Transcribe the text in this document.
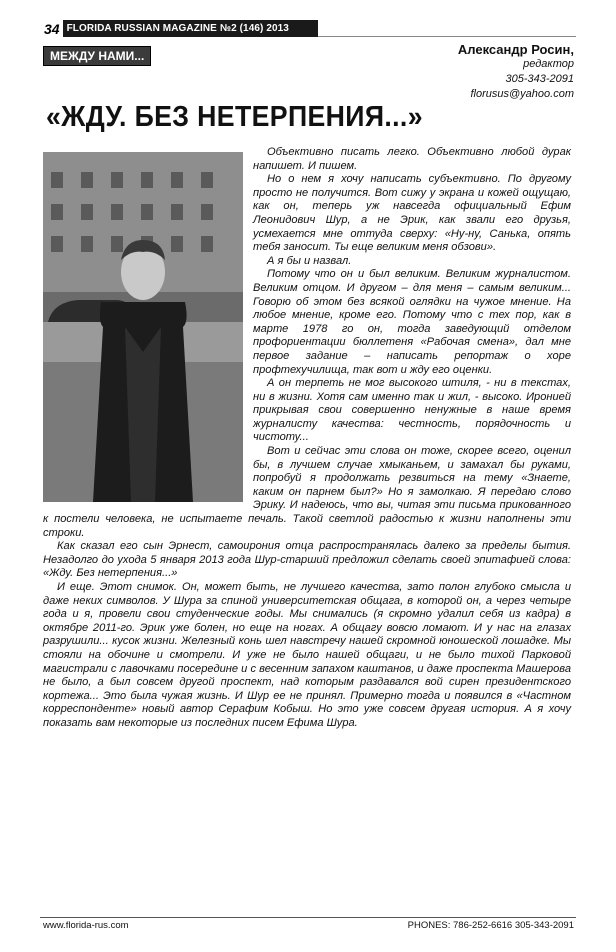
34 FLORIDA RUSSIAN MAGAZINE №2 (146) 2013
МЕЖДУ НАМИ...	Александр Росин,
редактор
305-343-2091
florusus@yahoo.com
«ЖДУ. БЕЗ НЕТЕРПЕНИЯ...»

Объективно писать легко. Объективно любой дурак напишет. И пишем.

Но о нем я хочу написать субъективно. По другому просто не получится. Вот сижу у экрана и кожей ощущаю, как он, теперь уж навсегда официальный Ефим Леонидович Шур, а не Эрик, как звали его друзья, усмехается мне оттуда сверху: «Ну-ну, Санька, опять тебя заносит. Ты еще великим меня обзови».

А я бы и назвал.

Потому что он и был великим. Великим журналистом. Великим отцом. И другом – для меня – самым великим... Говорю об этом без всякой оглядки на чужое мнение. На любое мнение, кроме его. Потому что с тех пор, как в марте 1978 го он, тогда заведующий отделом профориентации бюллетеня «Рабочая смена», дал мне первое задание – написать репортаж о хоре профтехучилища, так вот и жду его оценки.

А он терпеть не мог высокого штиля, - ни в текстах, ни в жизни. Хотя сам именно так и жил, - высоко. Иронией прикрывая свои совершенно ненужные в наше время журналисту качества: честность, порядочность и чистоту...

Вот и сейчас эти слова он тоже, скорее всего, оценил бы, в лучшем случае хмыканьем, и замахал бы руками, попробуй я продолжать резвиться на тему «Знаете, каким он парнем был?» Но я замолкаю. Я передаю слово Эрику. И надеюсь, что вы, читая эти письма прикованного к постели человека, не испытаете печаль. Такой светлой радостью к жизни наполнены эти строки.

Как сказал его сын Эрнест, самоирония отца распространялась далеко за пределы бытия. Незадолго до ухода 5 января 2013 года Шур-старший предложил сделать своей эпитафией слова: «Жду. Без нетерпения...»

И еще. Этот снимок. Он, может быть, не лучшего качества, зато полон глубоко смысла и даже неких символов. У Шура за спиной университетская общага, в которой он, а через четыре года и я, провели свои студенческие годы. Мы снимались (я скромно удалил себя из кадра) в октябре 2011-го. Эрик уже болен, но еще на ногах. А общагу вовсю ломают. И у нас на глазах разрушили... кусок жизни. Железный конь шел навстречу нашей скромной юношеской лошадке. Мы стояли на обочине и смотрели. И уже не было нашей общаги, и не было тихой Парковой магистрали с лавочками посередине и с весенним запахом каштанов, и даже проспекта Машерова не было, а был совсем другой проспект, над которым раздавался вой сирен президентского кортежа... Это была чужая жизнь. И Шур ее не принял. Примерно тогда и появился в «Частном корреспонденте» новый автор Серафим Кобыш. Но это уже совсем другая история. А я хочу показать вам некоторые из последних писем Ефима Шура.

www.florida-rus.com	PHONES: 786-252-6616 305-343-2091
